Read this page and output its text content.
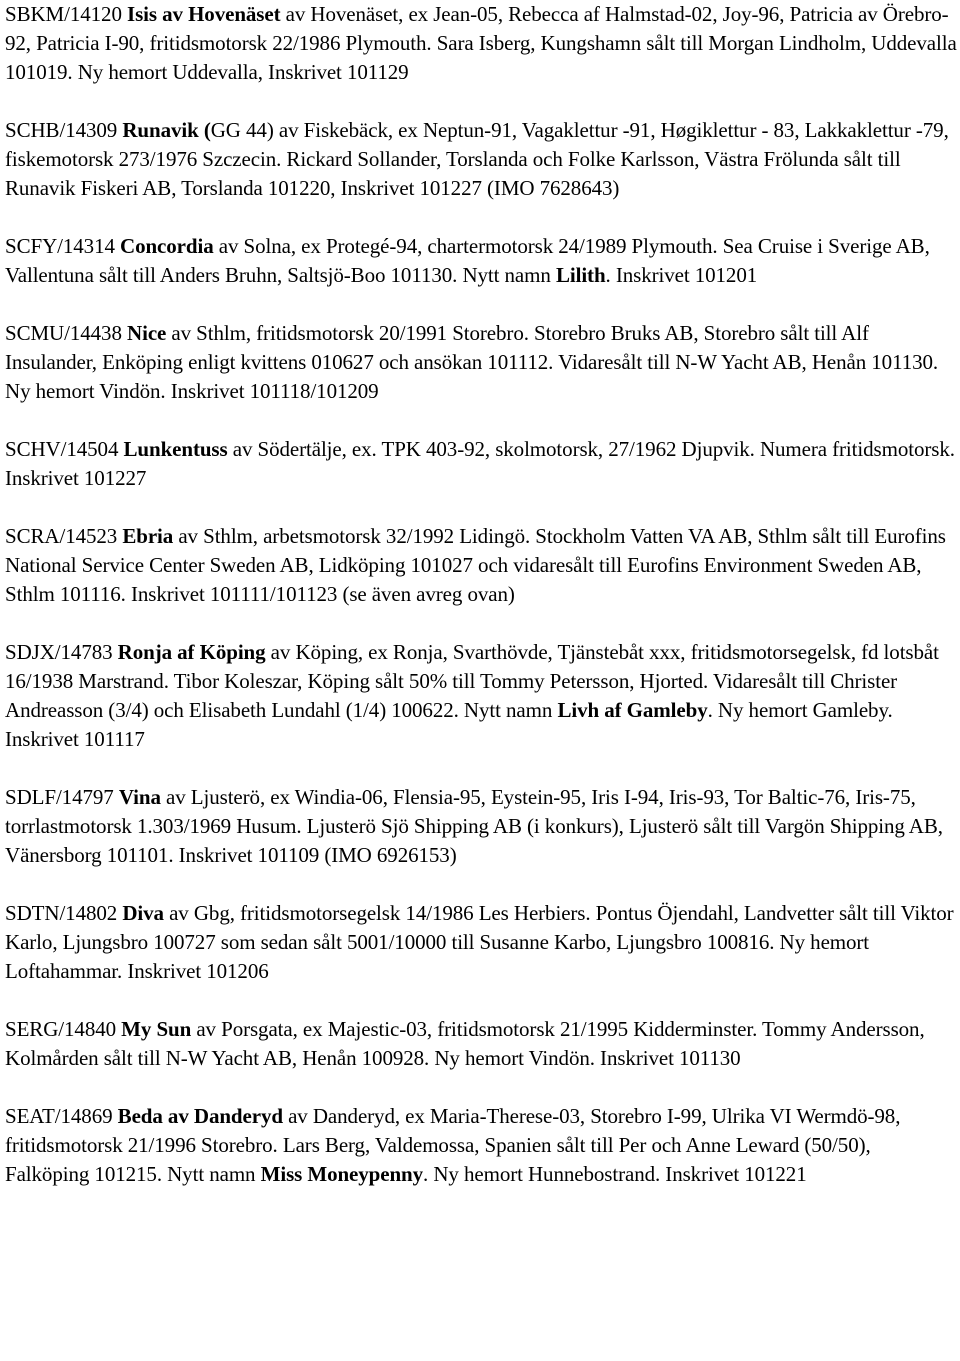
SBKM/14120 Isis av Hovenäset av Hovenäset, ex Jean-05, Rebecca af Halmstad-02, Joy-96, Patricia av Örebro-92, Patricia I-90, fritidsmotorsk 22/1986 Plymouth. Sara Isberg, Kungshamn sålt till Morgan Lindholm, Uddevalla 101019. Ny hemort Uddevalla, Inskrivet 101129

SCHB/14309 Runavik (GG 44) av Fiskebäck, ex Neptun-91, Vagaklettur -91, Høgiklettur - 83, Lakkaklettur -79, fiskemotorsk 273/1976 Szczecin. Rickard Sollander, Torslanda och Folke Karlsson, Västra Frölunda sålt till Runavik Fiskeri AB, Torslanda 101220, Inskrivet 101227 (IMO 7628643)

SCFY/14314 Concordia av Solna, ex Protegé-94, chartermotorsk 24/1989 Plymouth. Sea Cruise i Sverige AB, Vallentuna sålt till Anders Bruhn, Saltsjö-Boo 101130. Nytt namn Lilith. Inskrivet 101201

SCMU/14438 Nice av Sthlm, fritidsmotorsk 20/1991 Storebro. Storebro Bruks AB, Storebro sålt till Alf Insulander, Enköping enligt kvittens 010627 och ansökan 101112. Vidaresålt till N-W Yacht AB, Henån 101130. Ny hemort Vindön. Inskrivet 101118/101209

SCHV/14504 Lunkentuss av Södertälje, ex. TPK 403-92, skolmotorsk, 27/1962 Djupvik. Numera fritidsmotorsk. Inskrivet 101227

SCRA/14523 Ebria av Sthlm, arbetsmotorsk 32/1992 Lidingö. Stockholm Vatten VA AB, Sthlm sålt till Eurofins National Service Center Sweden AB, Lidköping 101027 och vidaresålt till Eurofins Environment Sweden AB, Sthlm 101116. Inskrivet 101111/101123 (se även avreg ovan)

SDJX/14783 Ronja af Köping av Köping, ex Ronja, Svarthövde, Tjänstebåt xxx, fritidsmotorsegelsk, fd lotsbåt 16/1938 Marstrand. Tibor Koleszar, Köping sålt 50% till Tommy Petersson, Hjorted. Vidaresålt till Christer Andreasson (3/4) och Elisabeth Lundahl (1/4) 100622. Nytt namn Livh af Gamleby. Ny hemort Gamleby. Inskrivet 101117

SDLF/14797 Vina av Ljusterö, ex Windia-06, Flensia-95, Eystein-95, Iris I-94, Iris-93, Tor Baltic-76, Iris-75, torrlastmotorsk 1.303/1969 Husum. Ljusterö Sjö Shipping AB (i konkurs), Ljusterö sålt till Vargön Shipping AB, Vänersborg 101101. Inskrivet 101109 (IMO 6926153)

SDTN/14802 Diva av Gbg, fritidsmotorsegelsk 14/1986 Les Herbiers. Pontus Öjendahl, Landvetter sålt till Viktor Karlo, Ljungsbro 100727 som sedan sålt 5001/10000 till Susanne Karbo, Ljungsbro 100816. Ny hemort Loftahammar. Inskrivet 101206

SERG/14840 My Sun av Porsgata, ex Majestic-03, fritidsmotorsk 21/1995 Kidderminster. Tommy Andersson, Kolmården sålt till N-W Yacht AB, Henån 100928. Ny hemort Vindön. Inskrivet 101130

SEAT/14869 Beda av Danderyd av Danderyd, ex Maria-Therese-03, Storebro I-99, Ulrika VI Wermdö-98, fritidsmotorsk 21/1996 Storebro. Lars Berg, Valdemossa, Spanien sålt till Per och Anne Leward (50/50), Falköping 101215. Nytt namn Miss Moneypenny. Ny hemort Hunnebostrand. Inskrivet 101221
